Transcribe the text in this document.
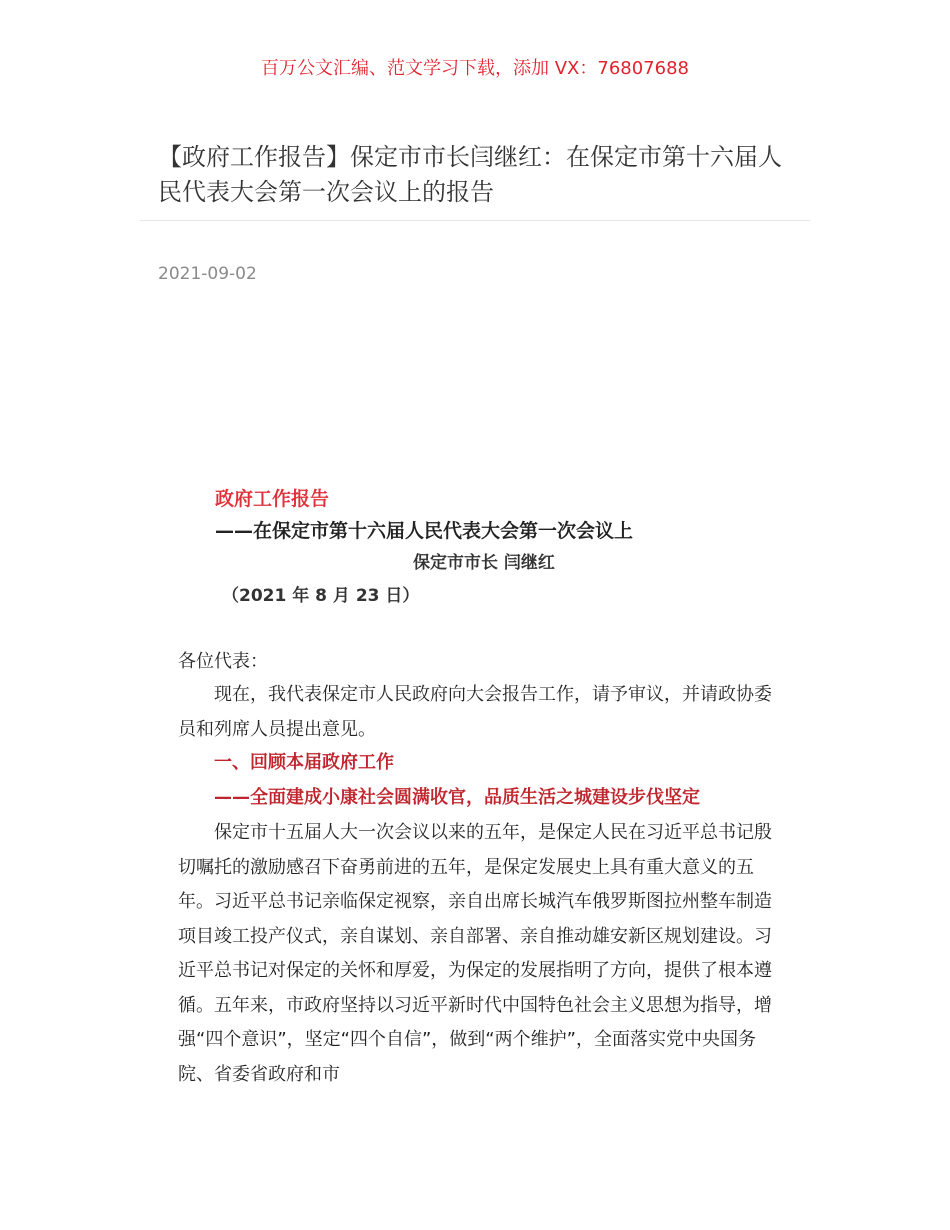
百万公文汇编、范文学习下载，添加 VX：76807688
【政府工作报告】保定市市长闫继红：在保定市第十六届人民代表大会第一次会议上的报告
2021-09-02
政府工作报告
——在保定市第十六届人民代表大会第一次会议上
保定市市长 闫继红
（2021 年 8 月 23 日）
各位代表：
现在，我代表保定市人民政府向大会报告工作，请予审议，并请政协委员和列席人员提出意见。
一、回顾本届政府工作
——全面建成小康社会圆满收官，品质生活之城建设步伐坚定
保定市十五届人大一次会议以来的五年，是保定人民在习近平总书记殷切嘱托的激励感召下奋勇前进的五年，是保定发展史上具有重大意义的五年。习近平总书记亲临保定视察，亲自出席长城汽车俄罗斯图拉州整车制造项目竣工投产仪式，亲自谋划、亲自部署、亲自推动雄安新区规划建设。习近平总书记对保定的关怀和厚爱，为保定的发展指明了方向，提供了根本遵循。五年来，市政府坚持以习近平新时代中国特色社会主义思想为指导，增强“四个意识”，坚定“四个自信”，做到“两个维护”，全面落实党中央国务院、省委省政府和市
